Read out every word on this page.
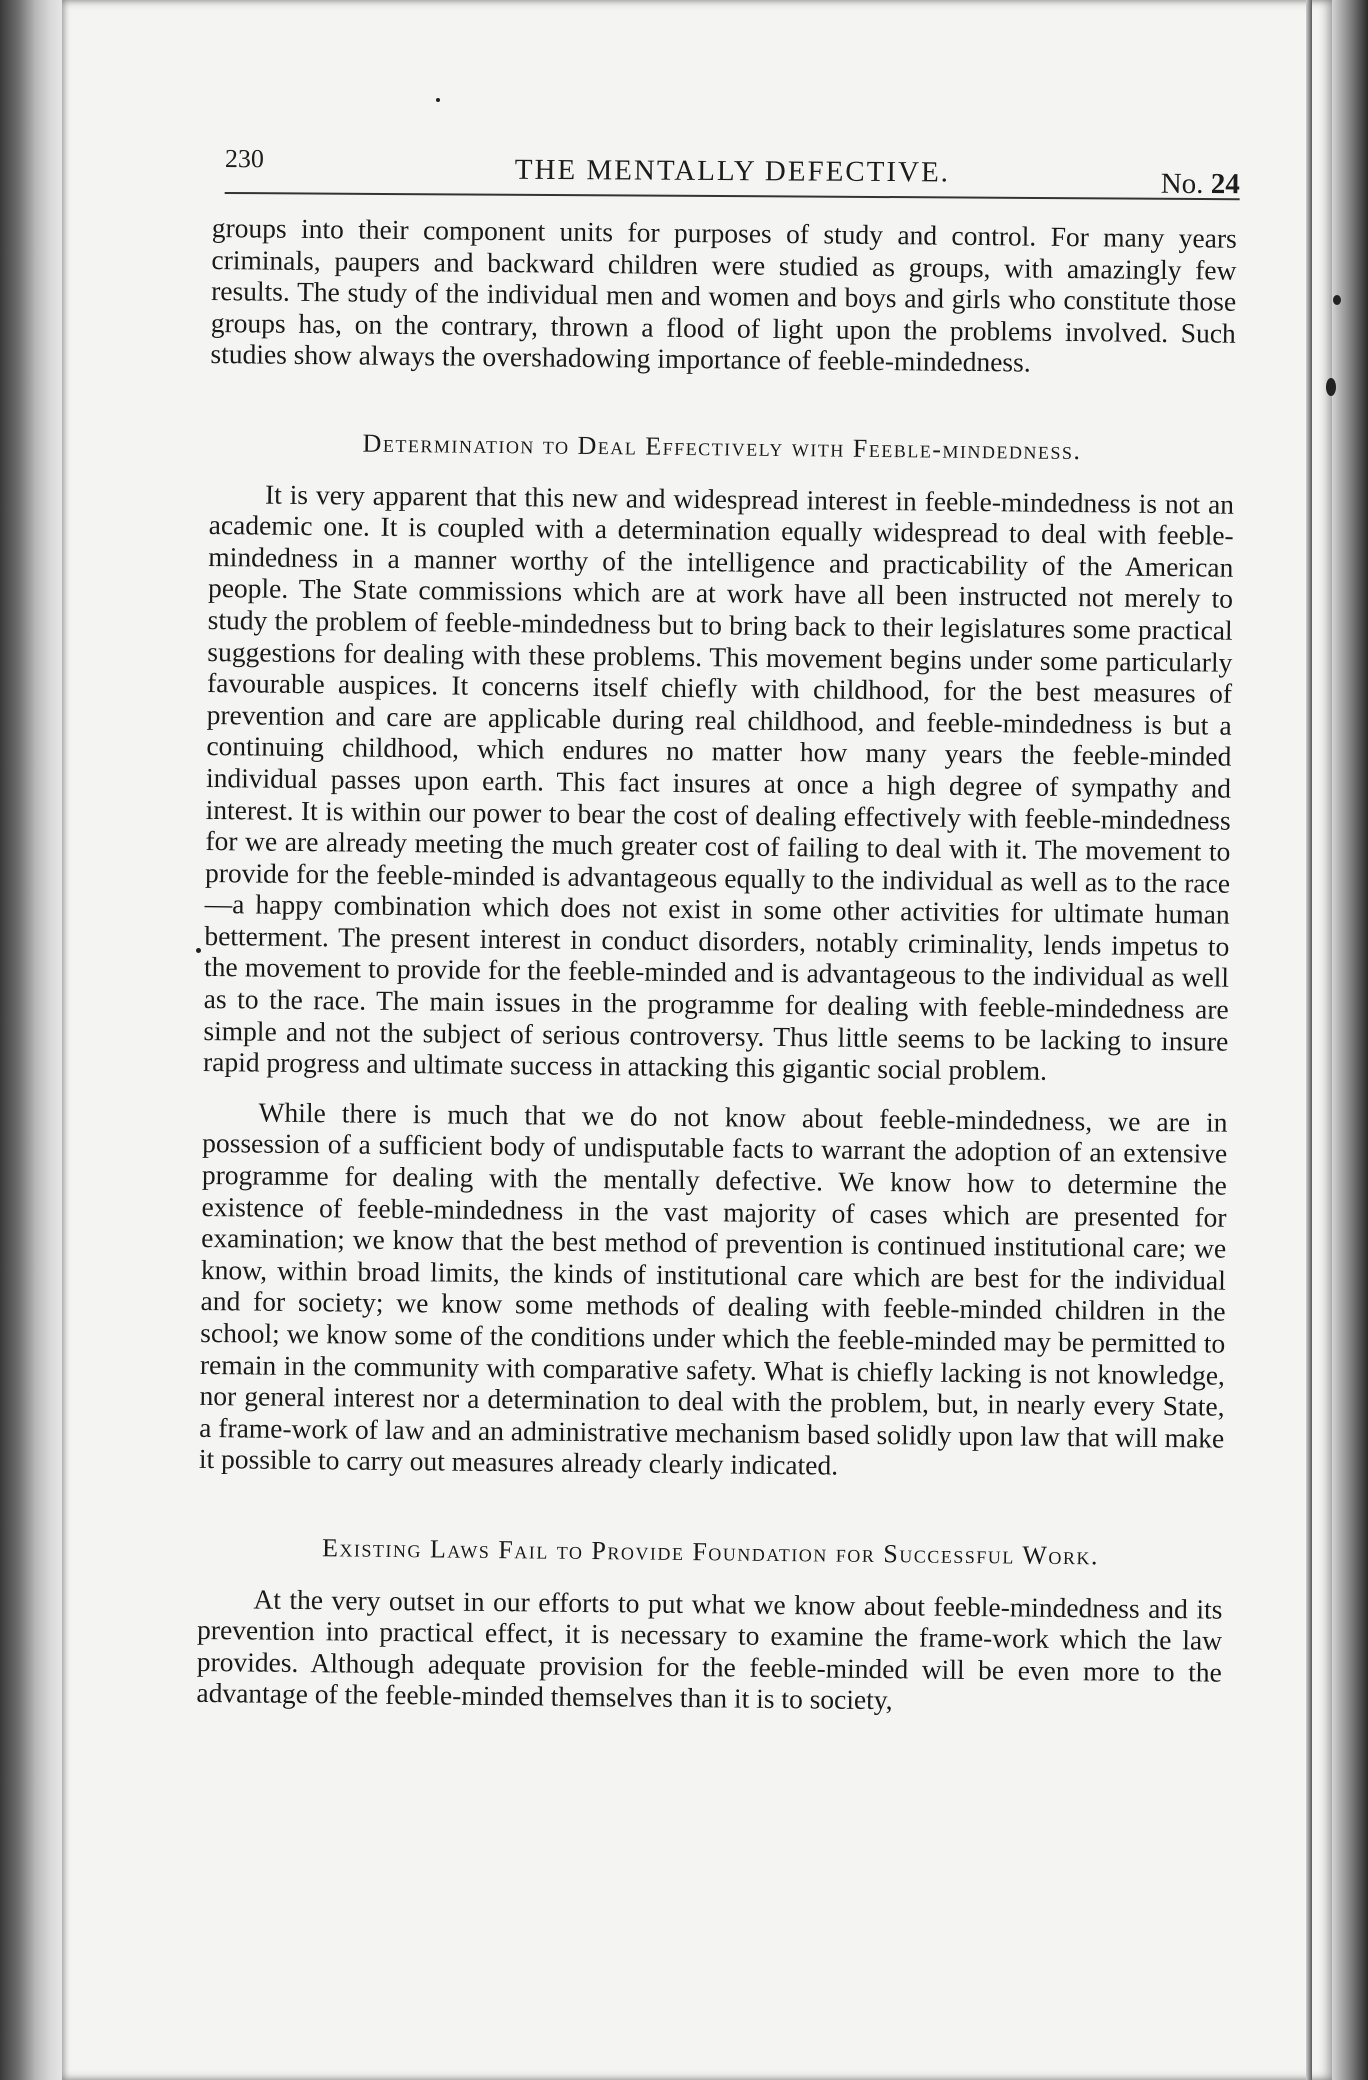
230	THE MENTALLY DEFECTIVE.	No. 24

groups into their component units for purposes of study and control. For many years criminals, paupers and backward children were studied as groups, with amazingly few results. The study of the individual men and women and boys and girls who constitute those groups has, on the contrary, thrown a flood of light upon the problems involved. Such studies show always the overshadowing importance of feeble-mindedness.

Determination to Deal Effectively with Feeble-mindedness.

It is very apparent that this new and widespread interest in feeble-mindedness is not an academic one. It is coupled with a determination equally widespread to deal with feeble-mindedness in a manner worthy of the intelligence and practicability of the American people. The State commissions which are at work have all been instructed not merely to study the problem of feeble-mindedness but to bring back to their legislatures some practical suggestions for dealing with these problems. This movement begins under some particularly favourable auspices. It concerns itself chiefly with childhood, for the best measures of prevention and care are applicable during real childhood, and feeble-mindedness is but a continuing childhood, which endures no matter how many years the feeble-minded individual passes upon earth. This fact insures at once a high degree of sympathy and interest. It is within our power to bear the cost of dealing effectively with feeble-mindedness for we are already meeting the much greater cost of failing to deal with it. The movement to provide for the feeble-minded is advantageous equally to the individual as well as to the race—a happy combination which does not exist in some other activities for ultimate human betterment. The present interest in conduct disorders, notably criminality, lends impetus to the movement to provide for the feeble-minded and is advantageous to the individual as well as to the race. The main issues in the programme for dealing with feeble-mindedness are simple and not the subject of serious controversy. Thus little seems to be lacking to insure rapid progress and ultimate success in attacking this gigantic social problem.

While there is much that we do not know about feeble-mindedness, we are in possession of a sufficient body of undisputable facts to warrant the adoption of an extensive programme for dealing with the mentally defective. We know how to determine the existence of feeble-mindedness in the vast majority of cases which are presented for examination; we know that the best method of prevention is continued institutional care; we know, within broad limits, the kinds of institutional care which are best for the individual and for society; we know some methods of dealing with feeble-minded children in the school; we know some of the conditions under which the feeble-minded may be permitted to remain in the community with comparative safety. What is chiefly lacking is not knowledge, nor general interest nor a determination to deal with the problem, but, in nearly every State, a frame-work of law and an administrative mechanism based solidly upon law that will make it possible to carry out measures already clearly indicated.

Existing Laws Fail to Provide Foundation for Successful Work.

At the very outset in our efforts to put what we know about feeble-mindedness and its prevention into practical effect, it is necessary to examine the frame-work which the law provides. Although adequate provision for the feeble-minded will be even more to the advantage of the feeble-minded themselves than it is to society,
